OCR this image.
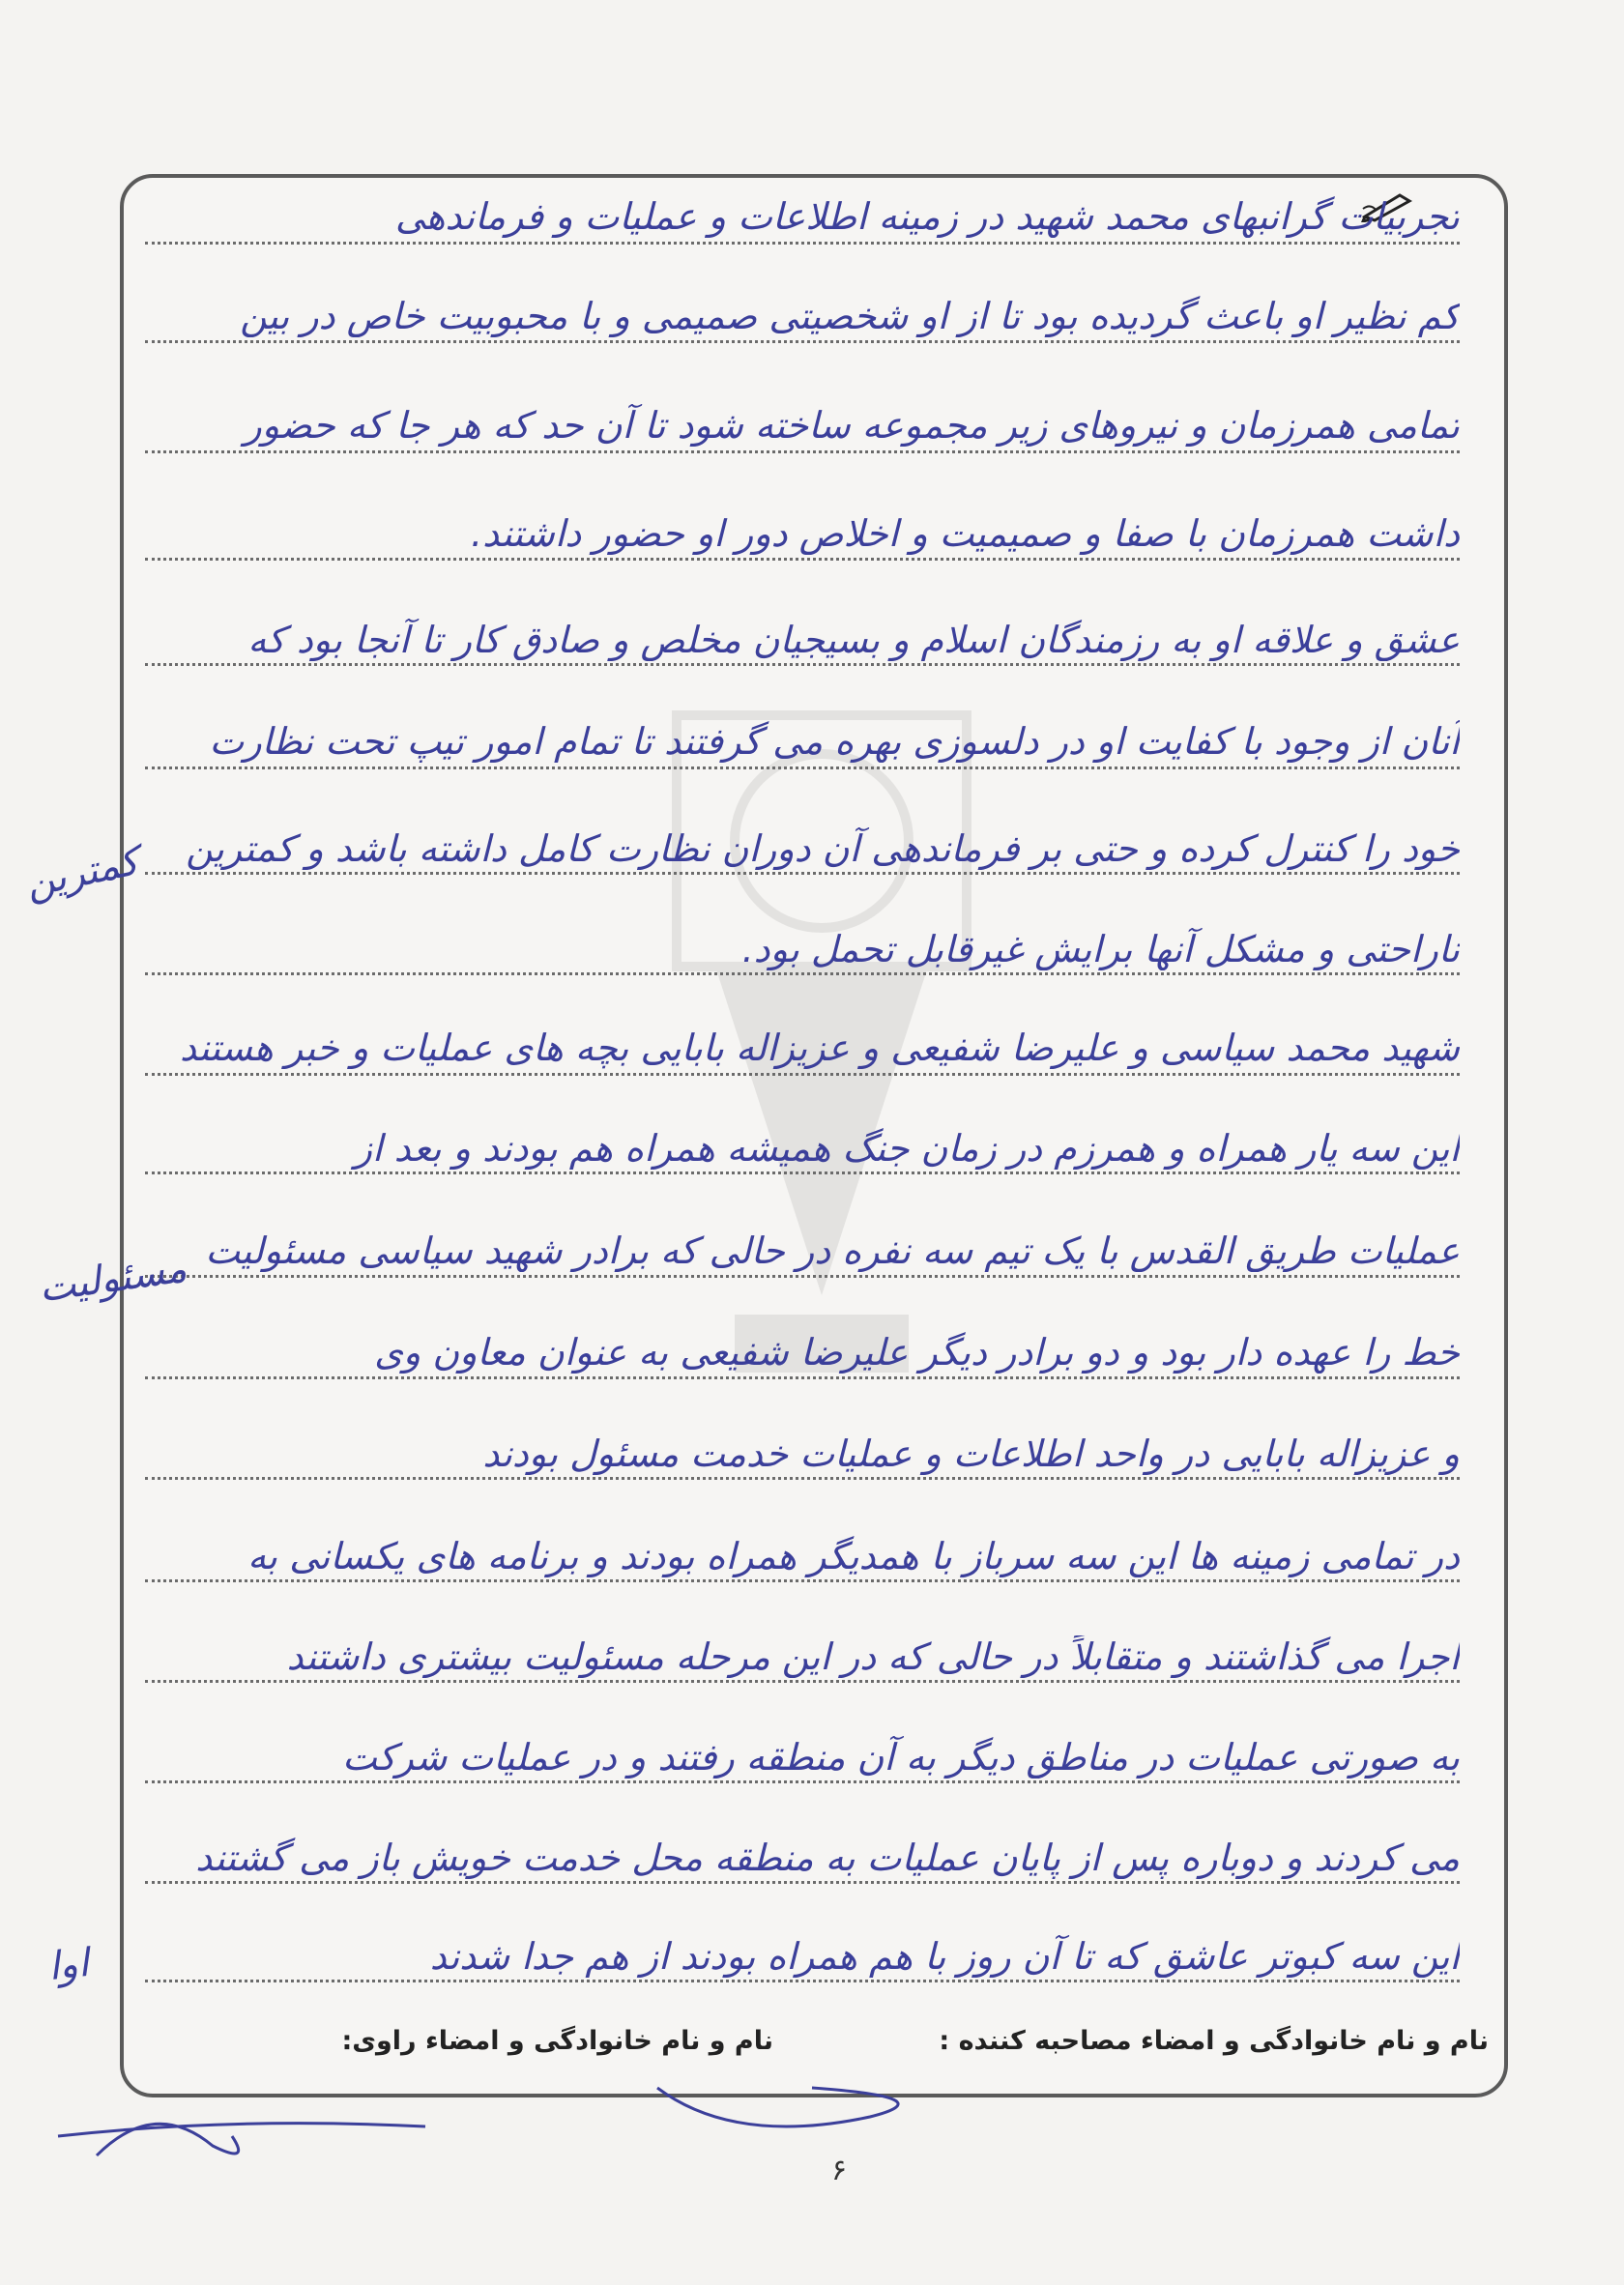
تجربیات گرانبهای محمد شهید در زمینه اطلاعات و عملیات و فرماندهی
کم نظیر او باعث گردیده بود تا از او شخصیتی صمیمی و با محبوبیت خاص در بین
تمامی همرزمان و نیروهای زیر مجموعه ساخته شود تا آن حد که هر جا که حضور
داشت همرزمان با صفا و صمیمیت و اخلاص دور او حضور داشتند.
عشق و علاقه او به رزمندگان اسلام و بسیجیان مخلص و صادق کار تا آنجا بود که
آنان از وجود با کفایت او در دلسوزی بهره می گرفتند تا تمام امور تیپ تحت نظارت
خود را کنترل کرده و حتی بر فرماندهی آن دوران نظارت کامل داشته باشد و کمترین
ناراحتی و مشکل آنها برایش غیرقابل تحمل بود.
شهید محمد سیاسی و علیرضا شفیعی و عزیزاله بابایی بچه های عملیات و خبر هستند
این سه یار همراه و همرزم در زمان جنگ همیشه همراه هم بودند و بعد از
عملیات طریق القدس با یک تیم سه نفره در حالی که برادر شهید سیاسی مسئولیت
خط را عهده دار بود و دو برادر دیگر علیرضا شفیعی به عنوان معاون وی
و عزیزاله بابایی در واحد اطلاعات و عملیات خدمت مسئول بودند
در تمامی زمینه ها این سه سرباز با همدیگر همراه بودند و برنامه های یکسانی به
اجرا می گذاشتند و متقابلاً در حالی که در این مرحله مسئولیت بیشتری داشتند
به صورتی عملیات در مناطق دیگر به آن منطقه رفتند و در عملیات شرکت
می کردند و دوباره پس از پایان عملیات به منطقه محل خدمت خویش باز می گشتند
این سه کبوتر عاشق که تا آن روز با هم همراه بودند از هم جدا شدند
کمترین
مسئولیت
اوا
نام و نام خانوادگی و امضاء مصاحبه کننده :
نام و نام خانوادگی و امضاء راوی:
۶
